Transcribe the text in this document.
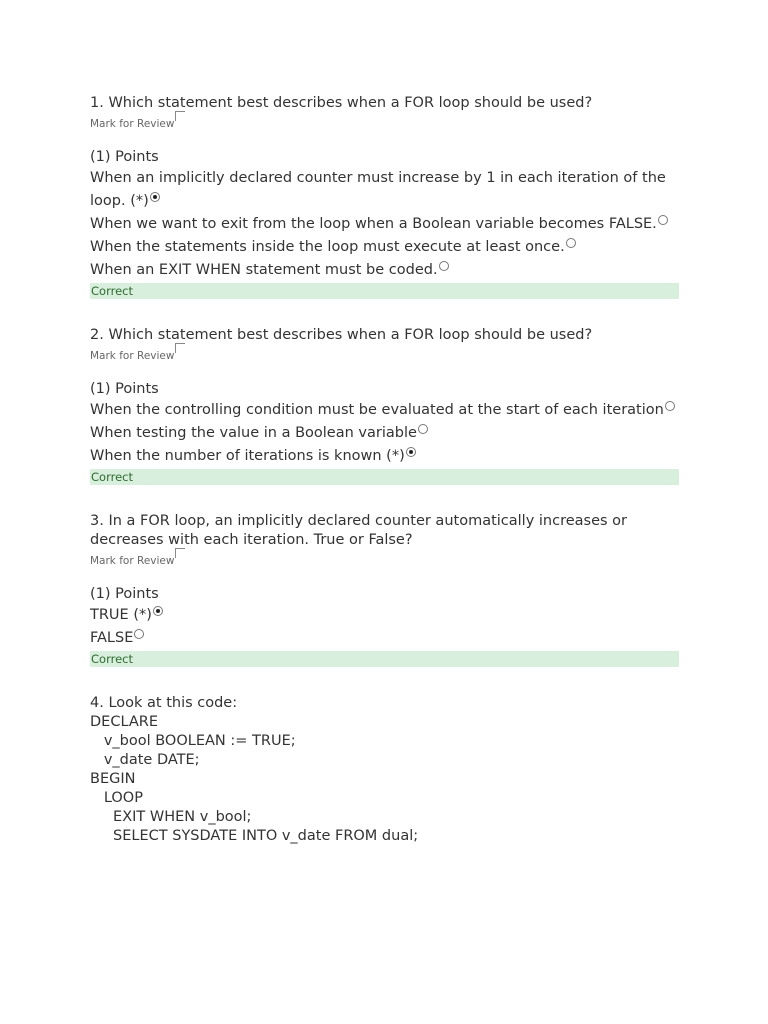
1. Which statement best describes when a FOR loop should be used?
Mark for Review
(1) Points
When an implicitly declared counter must increase by 1 in each iteration of the loop. (*)
When we want to exit from the loop when a Boolean variable becomes FALSE.
When the statements inside the loop must execute at least once.
When an EXIT WHEN statement must be coded.
Correct
2. Which statement best describes when a FOR loop should be used?
Mark for Review
(1) Points
When the controlling condition must be evaluated at the start of each iteration
When testing the value in a Boolean variable
When the number of iterations is known (*)
Correct
3. In a FOR loop, an implicitly declared counter automatically increases or decreases with each iteration. True or False?
Mark for Review
(1) Points
TRUE (*)
FALSE
Correct
4. Look at this code:
DECLARE
v_bool BOOLEAN := TRUE;
v_date DATE;
BEGIN
LOOP
EXIT WHEN v_bool;
SELECT SYSDATE INTO v_date FROM dual;
